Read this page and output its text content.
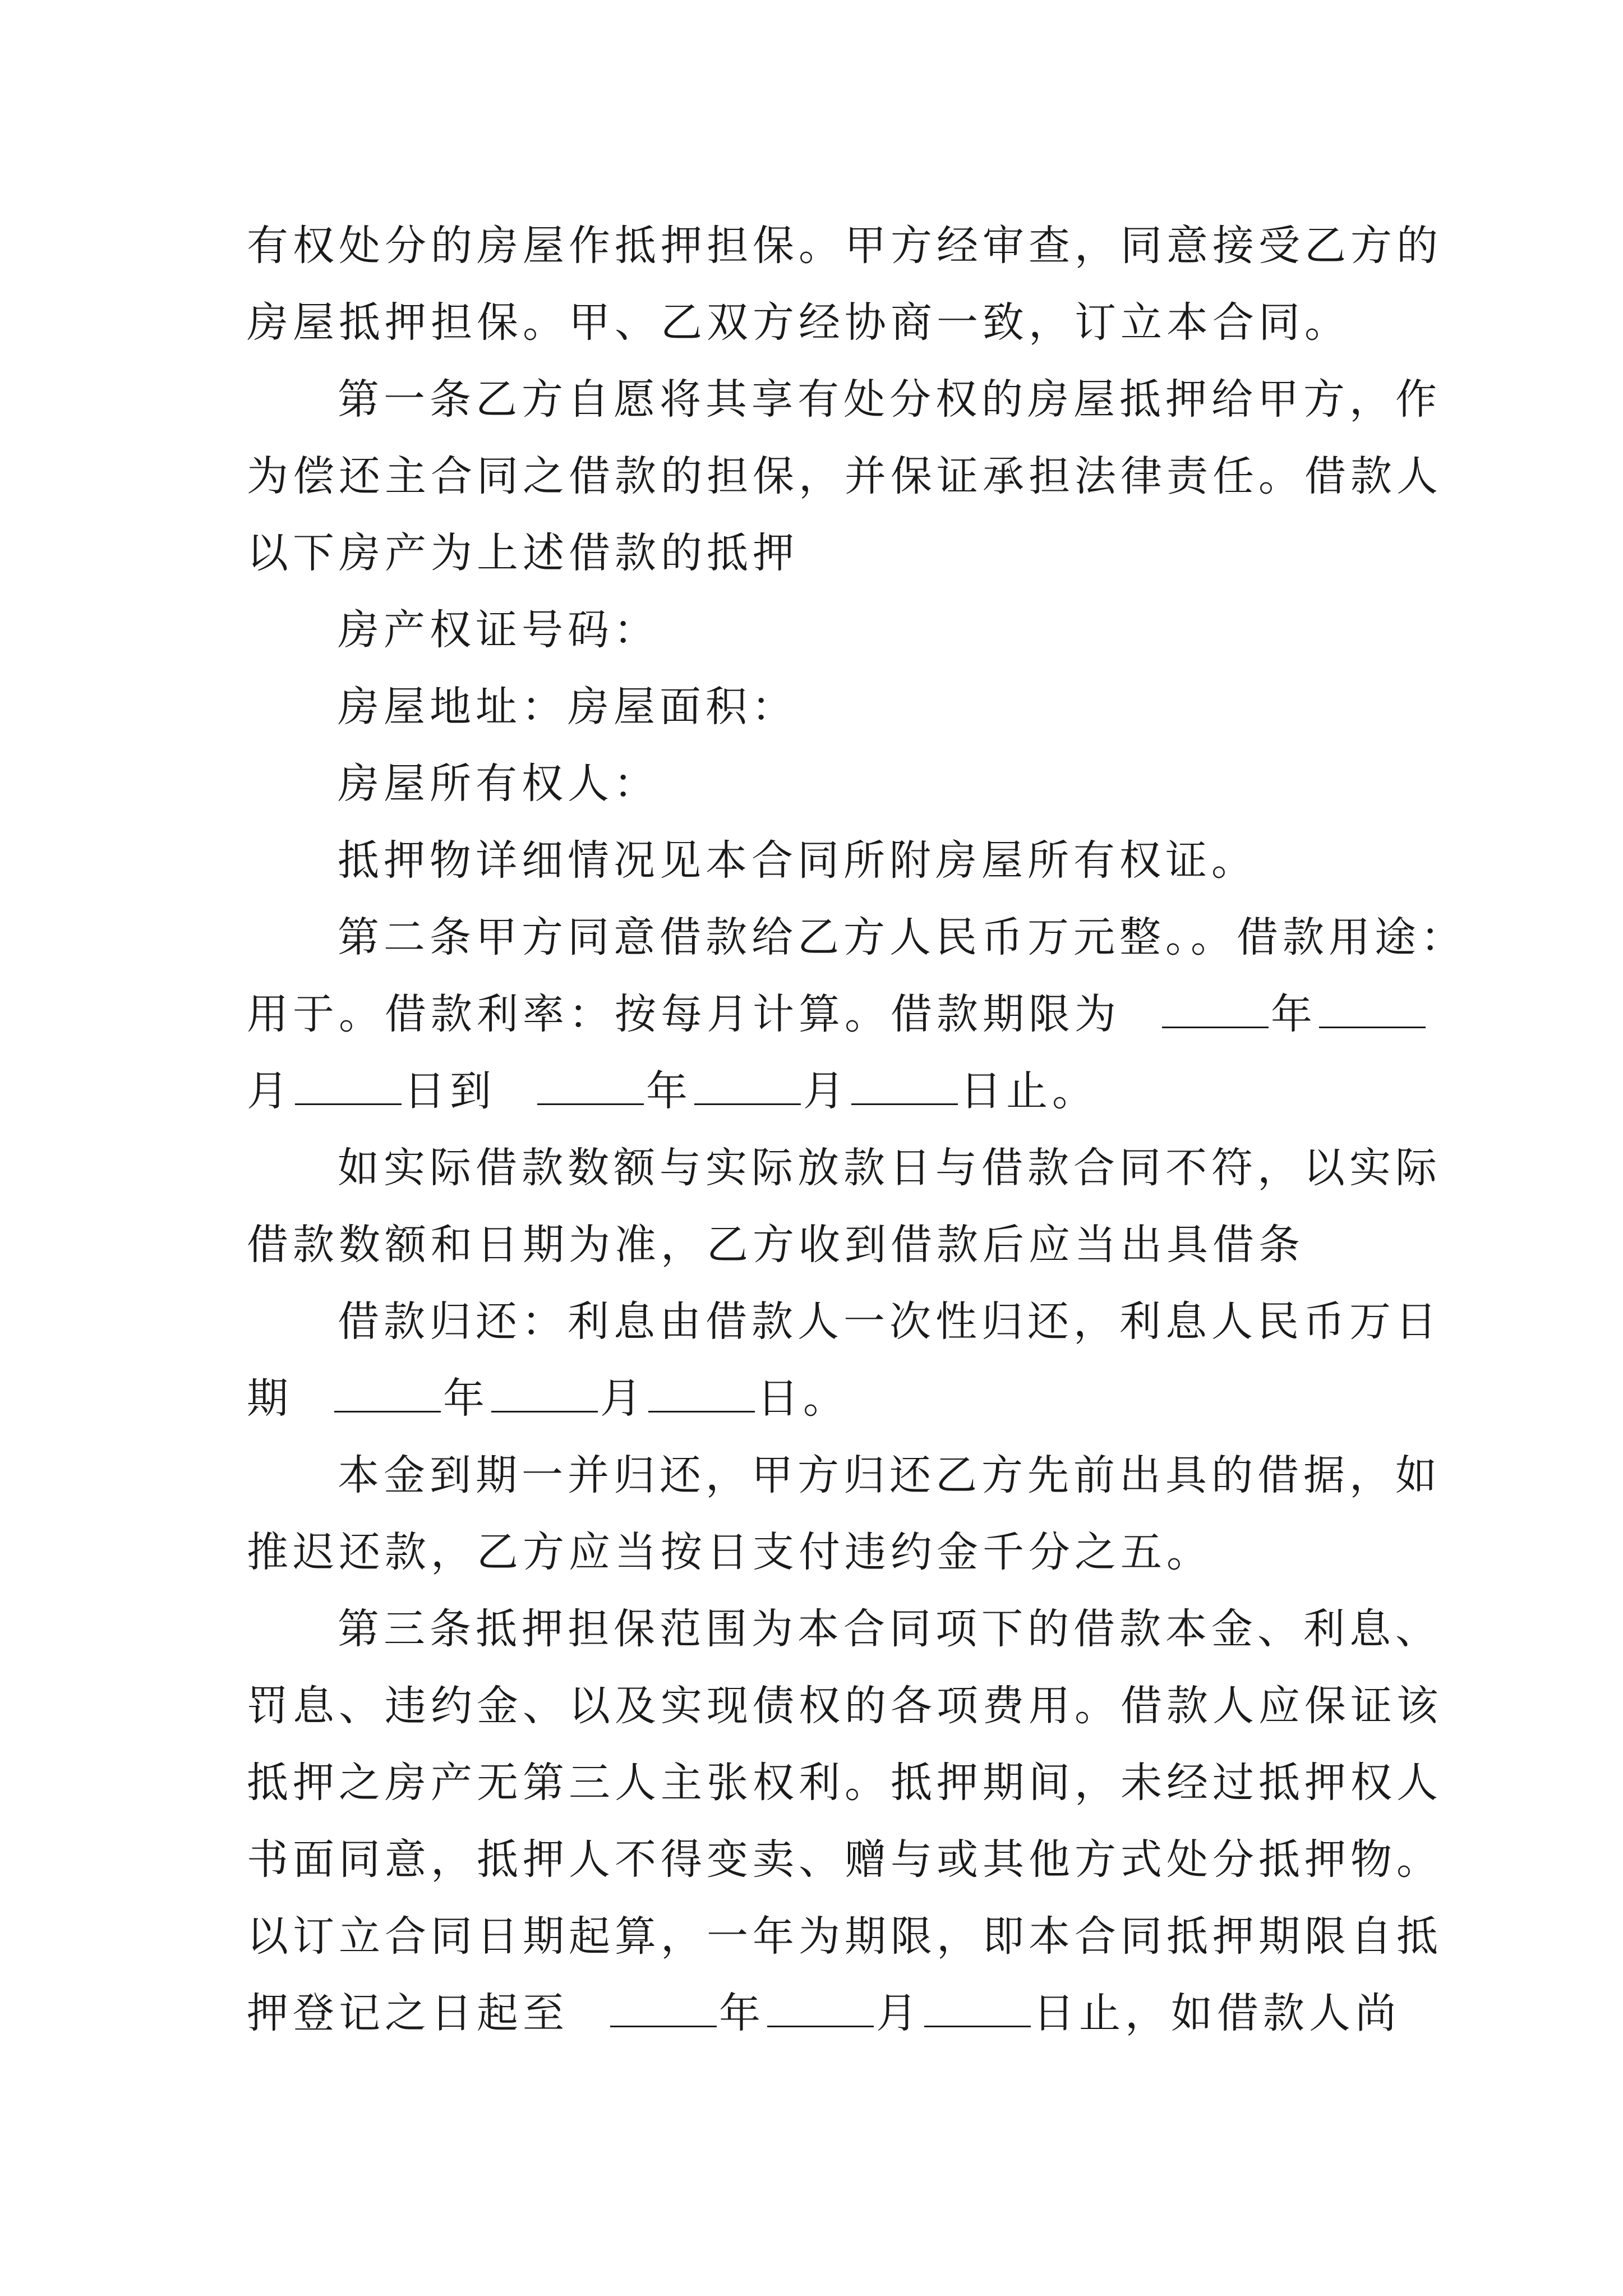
有权处分的房屋作抵押担保。甲方经审查，同意接受乙方的
房屋抵押担保。甲、乙双方经协商一致，订立本合同。
第一条乙方自愿将其享有处分权的房屋抵押给甲方，作
为偿还主合同之借款的担保，并保证承担法律责任。借款人
以下房产为上述借款的抵押
房产权证号码：
房屋地址：房屋面积：
房屋所有权人：
抵押物详细情况见本合同所附房屋所有权证。
第二条甲方同意借款给乙方人民币万元整。。借款用途：
用于。借款利率：按每月计算。借款期限为	年
月	日到	年	月	日止。
如实际借款数额与实际放款日与借款合同不符，以实际
借款数额和日期为准，乙方收到借款后应当出具借条
借款归还：利息由借款人一次性归还，利息人民币万日
期	年	月	日。
本金到期一并归还，甲方归还乙方先前出具的借据，如
推迟还款，乙方应当按日支付违约金千分之五。
第三条抵押担保范围为本合同项下的借款本金、利息、
罚息、违约金、以及实现债权的各项费用。借款人应保证该
抵押之房产无第三人主张权利。抵押期间，未经过抵押权人
书面同意，抵押人不得变卖、赠与或其他方式处分抵押物。
以订立合同日期起算，一年为期限，即本合同抵押期限自抵
押登记之日起至	年	月	日止，如借款人尚
